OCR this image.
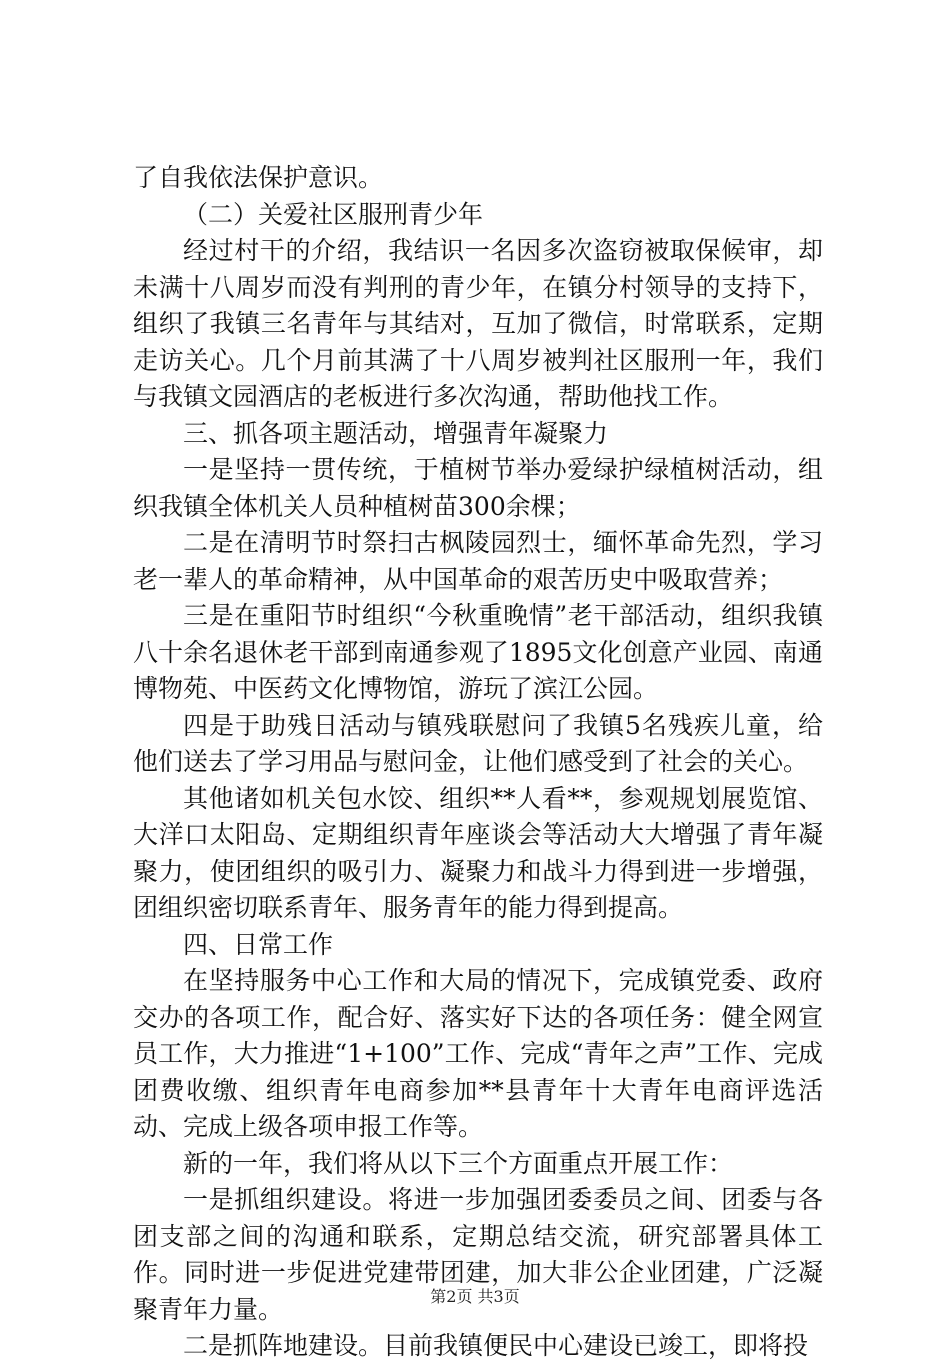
了自我依法保护意识。

（二）关爱社区服刑青少年

经过村干的介绍，我结识一名因多次盗窃被取保候审，却未满十八周岁而没有判刑的青少年，在镇分村领导的支持下，组织了我镇三名青年与其结对，互加了微信，时常联系，定期走访关心。几个月前其满了十八周岁被判社区服刑一年，我们与我镇文园酒店的老板进行多次沟通，帮助他找工作。

三、抓各项主题活动，增强青年凝聚力

一是坚持一贯传统，于植树节举办爱绿护绿植树活动，组织我镇全体机关人员种植树苗300余棵；

二是在清明节时祭扫古枫陵园烈士，缅怀革命先烈，学习老一辈人的革命精神，从中国革命的艰苦历史中吸取营养；

三是在重阳节时组织“今秋重晚情”老干部活动，组织我镇八十余名退休老干部到南通参观了1895文化创意产业园、南通博物苑、中医药文化博物馆，游玩了滨江公园。

四是于助残日活动与镇残联慰问了我镇5名残疾儿童，给他们送去了学习用品与慰问金，让他们感受到了社会的关心。

其他诸如机关包水饺、组织**人看**，参观规划展览馆、大洋口太阳岛、定期组织青年座谈会等活动大大增强了青年凝聚力，使团组织的吸引力、凝聚力和战斗力得到进一步增强，团组织密切联系青年、服务青年的能力得到提高。

四、日常工作

在坚持服务中心工作和大局的情况下，完成镇党委、政府交办的各项工作，配合好、落实好下达的各项任务：健全网宣员工作，大力推进“1+100”工作、完成“青年之声”工作、完成团费收缴、组织青年电商参加**县青年十大青年电商评选活动、完成上级各项申报工作等。

新的一年，我们将从以下三个方面重点开展工作：

一是抓组织建设。将进一步加强团委委员之间、团委与各团支部之间的沟通和联系，定期总结交流，研究部署具体工作。同时进一步促进党建带团建，加大非公企业团建，广泛凝聚青年力量。

二是抓阵地建设。目前我镇便民中心建设已竣工，即将投

第2页 共3页
